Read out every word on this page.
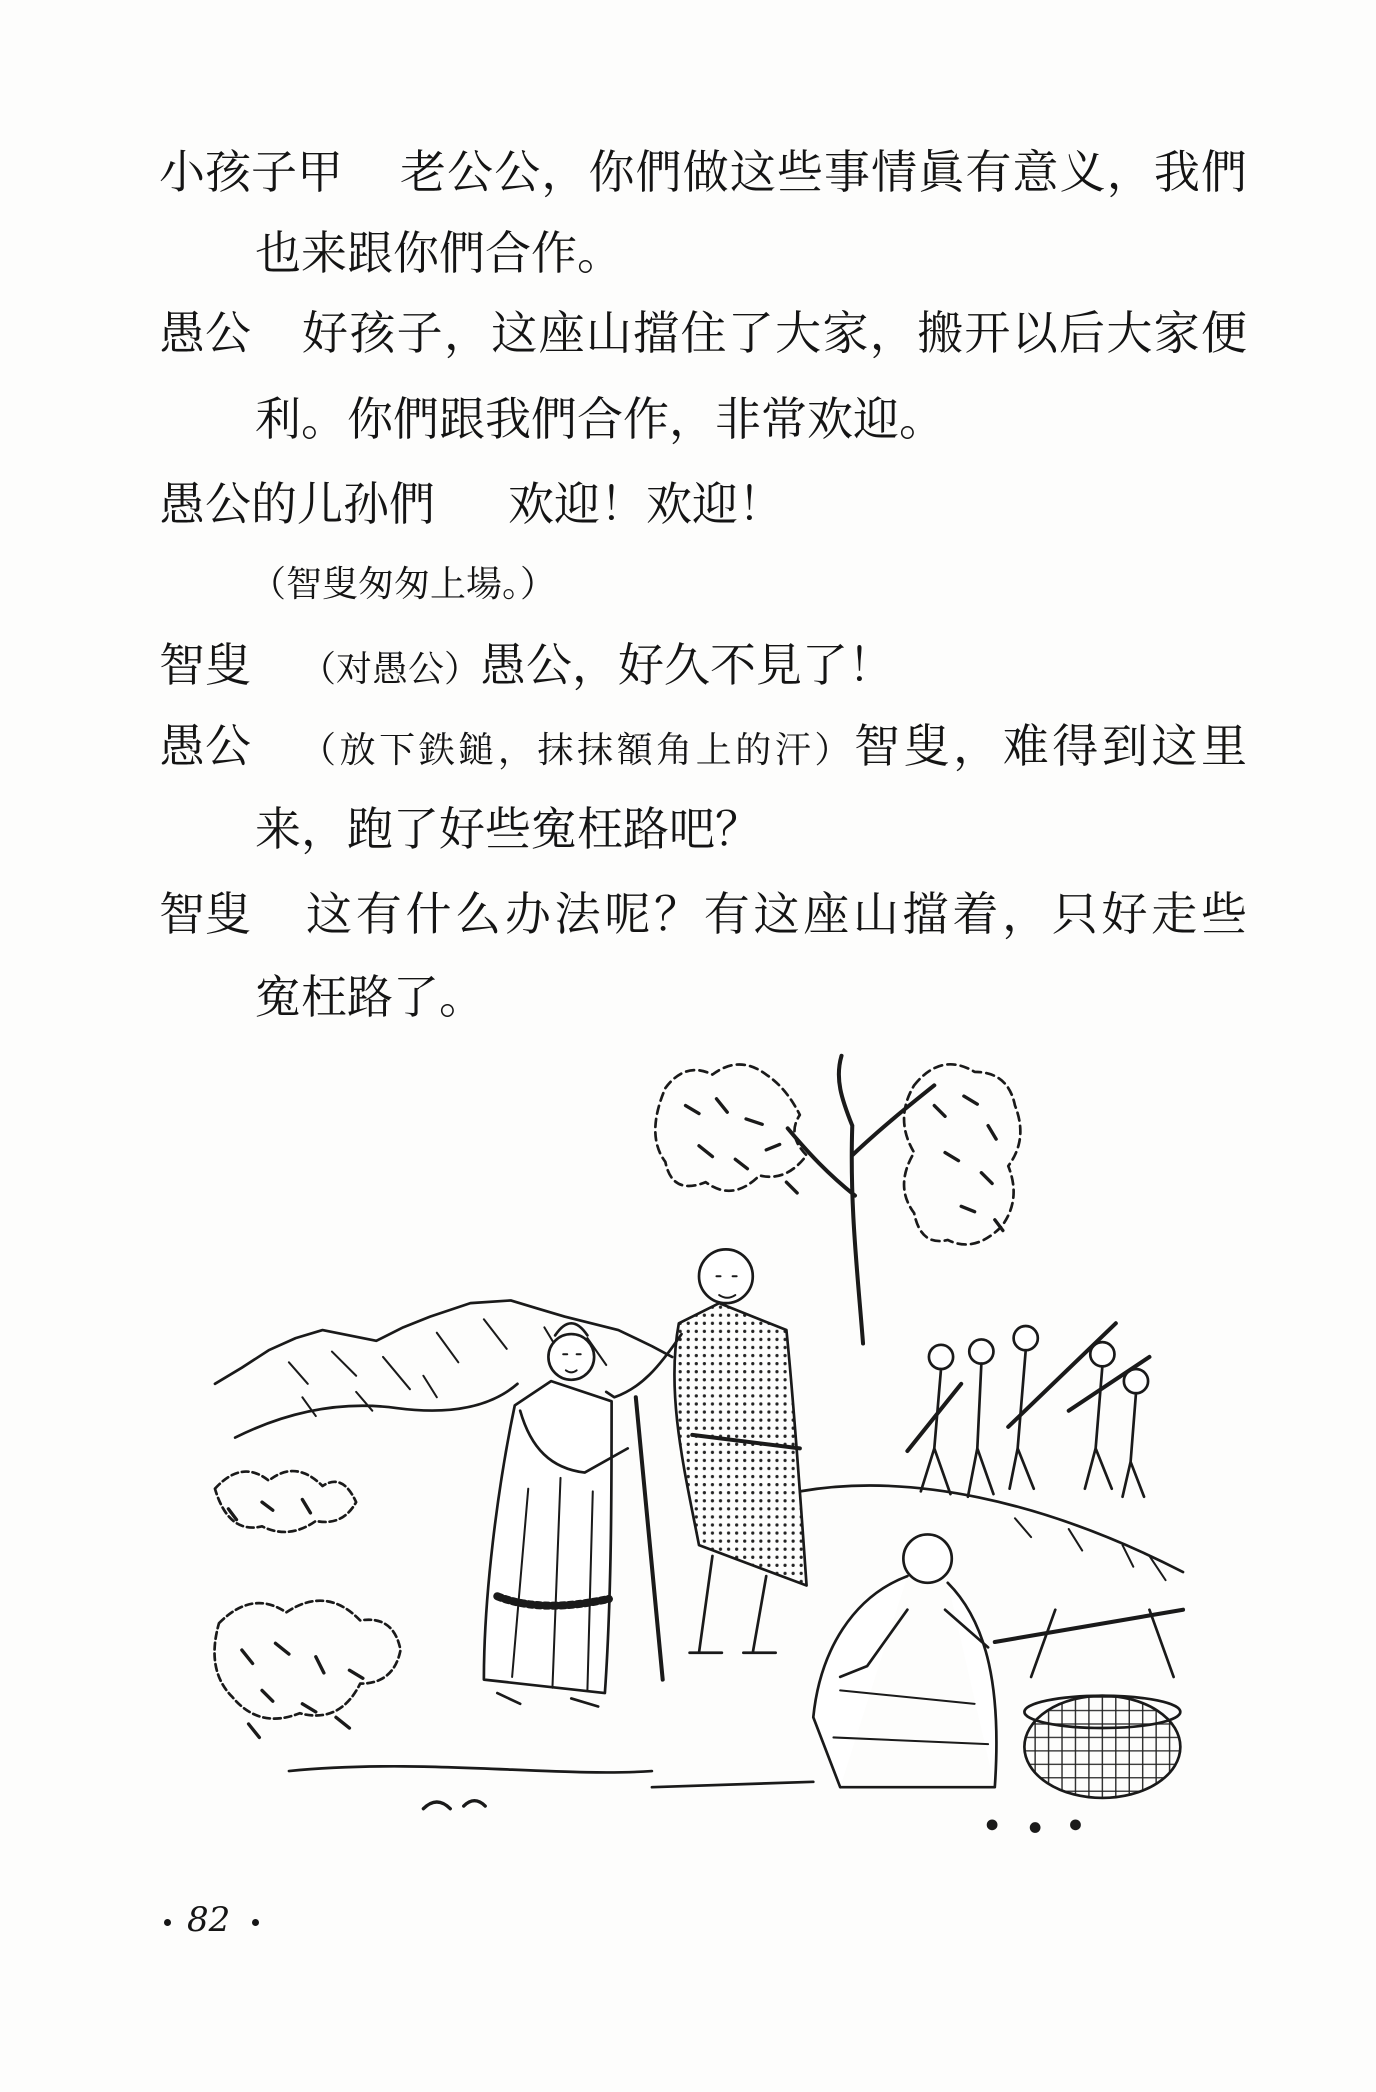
小孩子甲 老公公，你們做这些事情眞有意义，我們
也来跟你們合作。
愚公 好孩子，这座山擋住了大家，搬开以后大家便
利。你們跟我們合作，非常欢迎。
愚公的儿孙們 欢迎！欢迎！
（智叟匆匆上場。）
智叟 （对愚公）愚公，好久不見了！
愚公 （放下鉄鎚，抹抹額角上的汗）智叟，难得到这里
来，跑了好些寃枉路吧？
智叟 这有什么办法呢？有这座山擋着，只好走些
寃枉路了。
82
